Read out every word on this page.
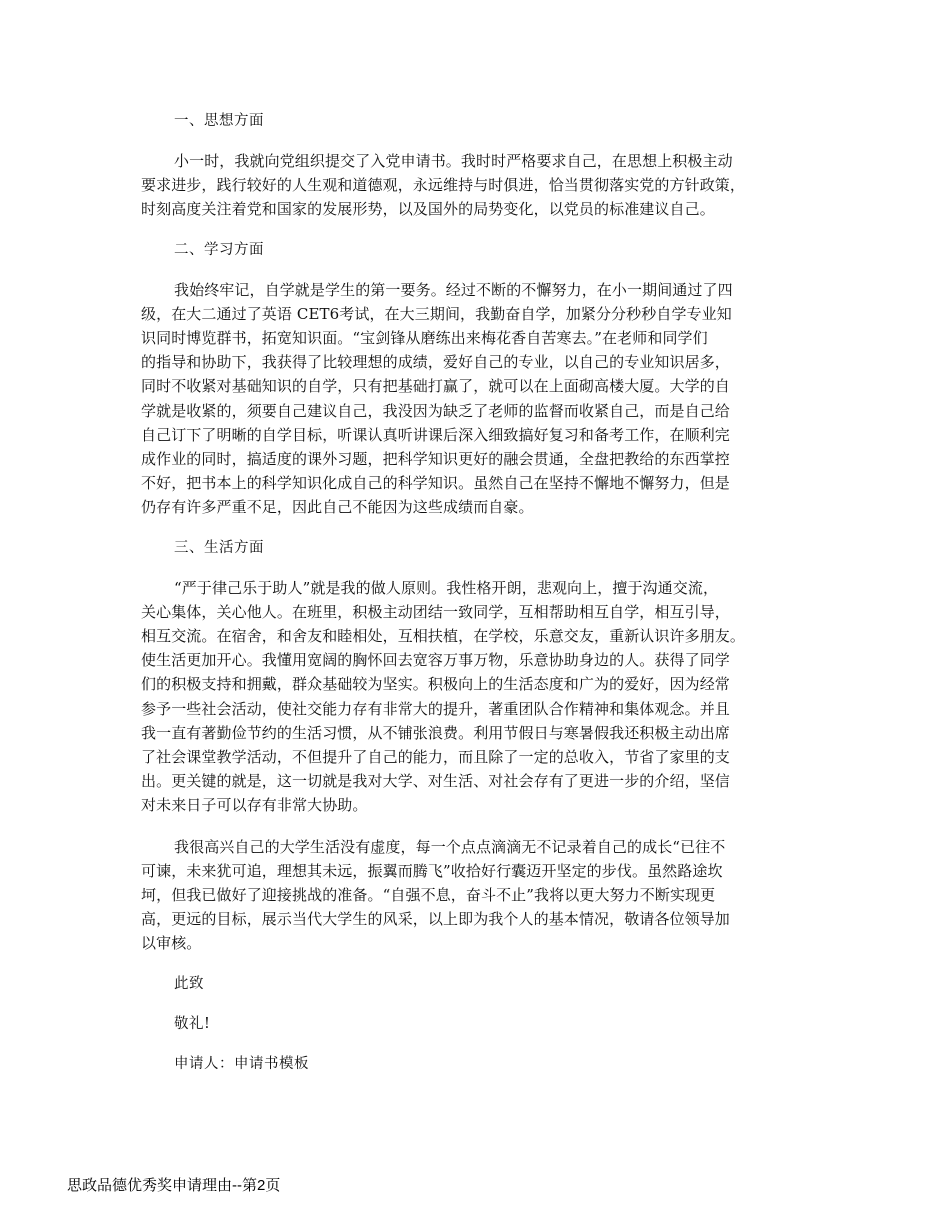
一、思想方面
小一时，我就向党组织提交了入党申请书。我时时严格要求自己，在思想上积极主动
要求进步，践行较好的人生观和道德观，永远维持与时俱进，恰当贯彻落实党的方针政策，
时刻高度关注着党和国家的发展形势，以及国外的局势变化，以党员的标准建议自己。
二、学习方面
我始终牢记，自学就是学生的第一要务。经过不断的不懈努力，在小一期间通过了四
级，在大二通过了英语 CET6考试，在大三期间，我勤奋自学，加紧分分秒秒自学专业知
识同时博览群书，拓宽知识面。“宝剑锋从磨练出来梅花香自苦寒去。”在老师和同学们
的指导和协助下，我获得了比较理想的成绩，爱好自己的专业，以自己的专业知识居多，
同时不收紧对基础知识的自学，只有把基础打赢了，就可以在上面砌高楼大厦。大学的自
学就是收紧的，须要自己建议自己，我没因为缺乏了老师的监督而收紧自己，而是自己给
自己订下了明晰的自学目标，听课认真听讲课后深入细致搞好复习和备考工作，在顺利完
成作业的同时，搞适度的课外习题，把科学知识更好的融会贯通，全盘把教给的东西掌控
不好，把书本上的科学知识化成自己的科学知识。虽然自己在坚持不懈地不懈努力，但是
仍存有许多严重不足，因此自己不能因为这些成绩而自豪。
三、生活方面
“严于律己乐于助人”就是我的做人原则。我性格开朗，悲观向上，擅于沟通交流，
关心集体，关心他人。在班里，积极主动团结一致同学，互相帮助相互自学，相互引导，
相互交流。在宿舍，和舍友和睦相处，互相扶植，在学校，乐意交友，重新认识许多朋友。
使生活更加开心。我懂用宽阔的胸怀回去宽容万事万物，乐意协助身边的人。获得了同学
们的积极支持和拥戴，群众基础较为坚实。积极向上的生活态度和广为的爱好，因为经常
参予一些社会活动，使社交能力存有非常大的提升，著重团队合作精神和集体观念。并且
我一直有著勤俭节约的生活习惯，从不铺张浪费。利用节假日与寒暑假我还积极主动出席
了社会课堂教学活动，不但提升了自己的能力，而且除了一定的总收入，节省了家里的支
出。更关键的就是，这一切就是我对大学、对生活、对社会存有了更进一步的介绍，坚信
对未来日子可以存有非常大协助。
我很高兴自己的大学生活没有虚度，每一个点点滴滴无不记录着自己的成长“已往不
可谏，未来犹可追，理想其未远，振翼而腾飞”收拾好行囊迈开坚定的步伐。虽然路途坎
坷，但我已做好了迎接挑战的准备。“自强不息，奋斗不止”我将以更大努力不断实现更
高，更远的目标，展示当代大学生的风采，以上即为我个人的基本情况，敬请各位领导加
以审核。
此致
敬礼!
申请人：申请书模板
思政品德优秀奖申请理由--第2页
